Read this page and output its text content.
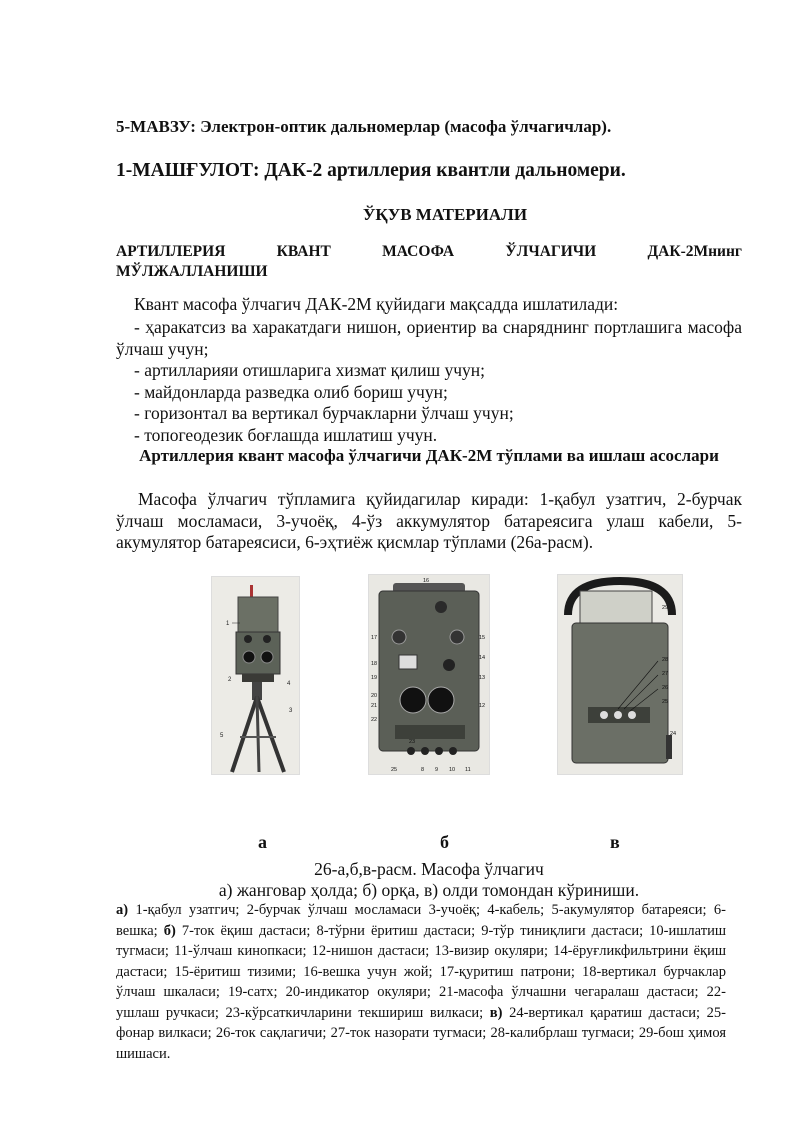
5-МАВЗУ: Электрон-оптик дальномерлар (масофа ўлчагичлар).

1-МАШҒУЛОТ: ДАК-2 артиллерия квантли дальномери.

ЎҚУВ МАТЕРИАЛИ

АРТИЛЛЕРИЯ	КВАНТ	МАСОФА	ЎЛЧАГИЧИ	ДАК-2Мнинг
МЎЛЖАЛЛАНИШИ

Квант масофа ўлчагич ДАК-2М қуйидаги мақсадда ишлатилади:

- ҳаракатсиз ва харакатдаги нишон, ориентир ва снаряднинг портлашига масофа ўлчаш учун;
- артилларияи отишларига хизмат қилиш учун;
- майдонларда разведка олиб бориш учун;
- горизонтал ва вертикал бурчакларни ўлчаш учун;
- топогеодезик боғлашда ишлатиш учун.

Артиллерия квант масофа ўлчагичи ДАК-2М тўплами ва ишлаш асослари

Масофа ўлчагич тўпламига қуйидагилар киради: 1-қабул узатгич, 2-бурчак ўлчаш мосламаси, 3-учоёқ, 4-ўз аккумулятор батареясига улаш кабели, 5-акумулятор батареясиси, 6-эҳтиёж қисмлар тўплами (26а-расм).

1
2
4
3
5
16
17	15
14
18
19	13
20
21	12
22
23
25	8 9 10 11
29
28
27
26
25
24

а	б	в

26-а,б,в-расм. Масофа ўлчагич

а) жанговар ҳолда; б) орқа, в) олди томондан кўриниши.

а) 1-қабул узатгич; 2-бурчак ўлчаш мосламаси 3-учоёқ; 4-кабель; 5-акумулятор батареяси; 6-вешка; б) 7-ток ёқиш дастаси; 8-тўрни ёритиш дастаси; 9-тўр тиниқлиги дастаси; 10-ишлатиш тугмаси; 11-ўлчаш кинопкаси; 12-нишон дастаси; 13-визир окуляри; 14-ёруғликфильтрини ёқиш дастаси; 15-ёритиш тизими; 16-вешка учун жой; 17-қуритиш патрони; 18-вертикал бурчаклар ўлчаш шкаласи; 19-сатх; 20-индикатор окуляри; 21-масофа ўлчашни чегаралаш дастаси; 22-ушлаш ручкаси; 23-кўрсаткичларини текшириш вилкаси; в) 24-вертикал қаратиш дастаси; 25-фонар вилкаси; 26-ток сақлагичи; 27-ток назорати тугмаси; 28-калибрлаш тугмаси; 29-бош ҳимоя шишаси.
